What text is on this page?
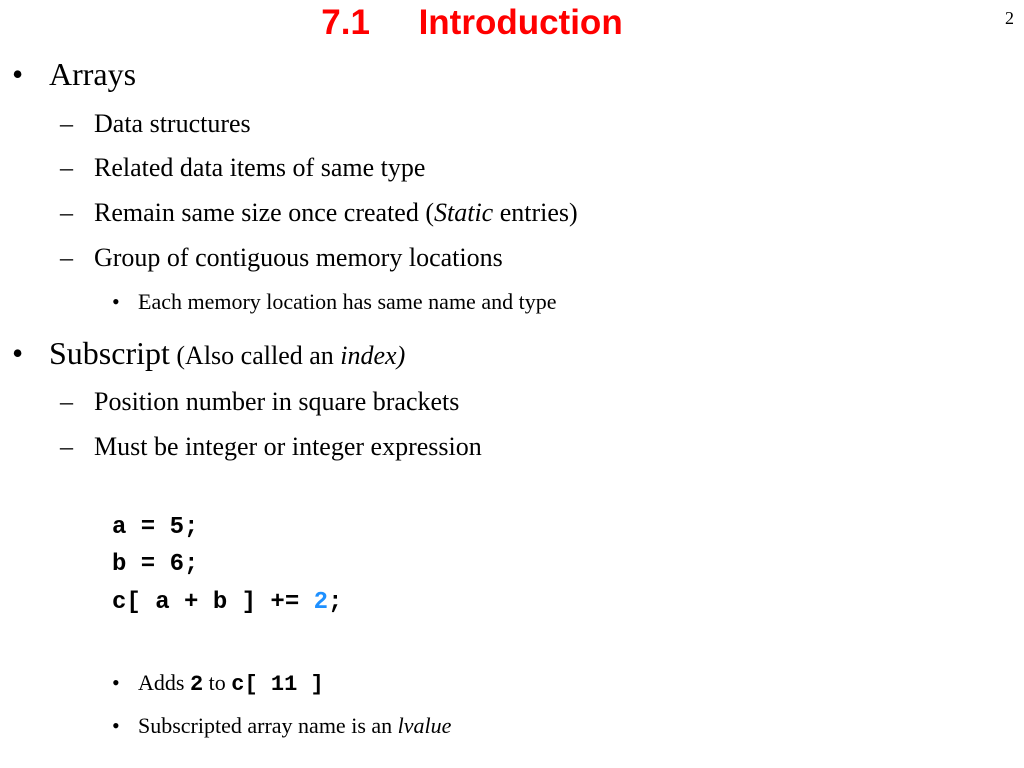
7.1     Introduction	2
• Arrays
– Data structures
– Related data items of same type
– Remain same size once created (Static entries)
– Group of contiguous memory locations
• Each memory location has same name and type
• Subscript (Also called an index)
– Position number in square brackets
– Must be integer or integer expression
a = 5;
b = 6;
c[ a + b ] += 2;
• Adds 2 to c[ 11 ]
• Subscripted array name is an lvalue
